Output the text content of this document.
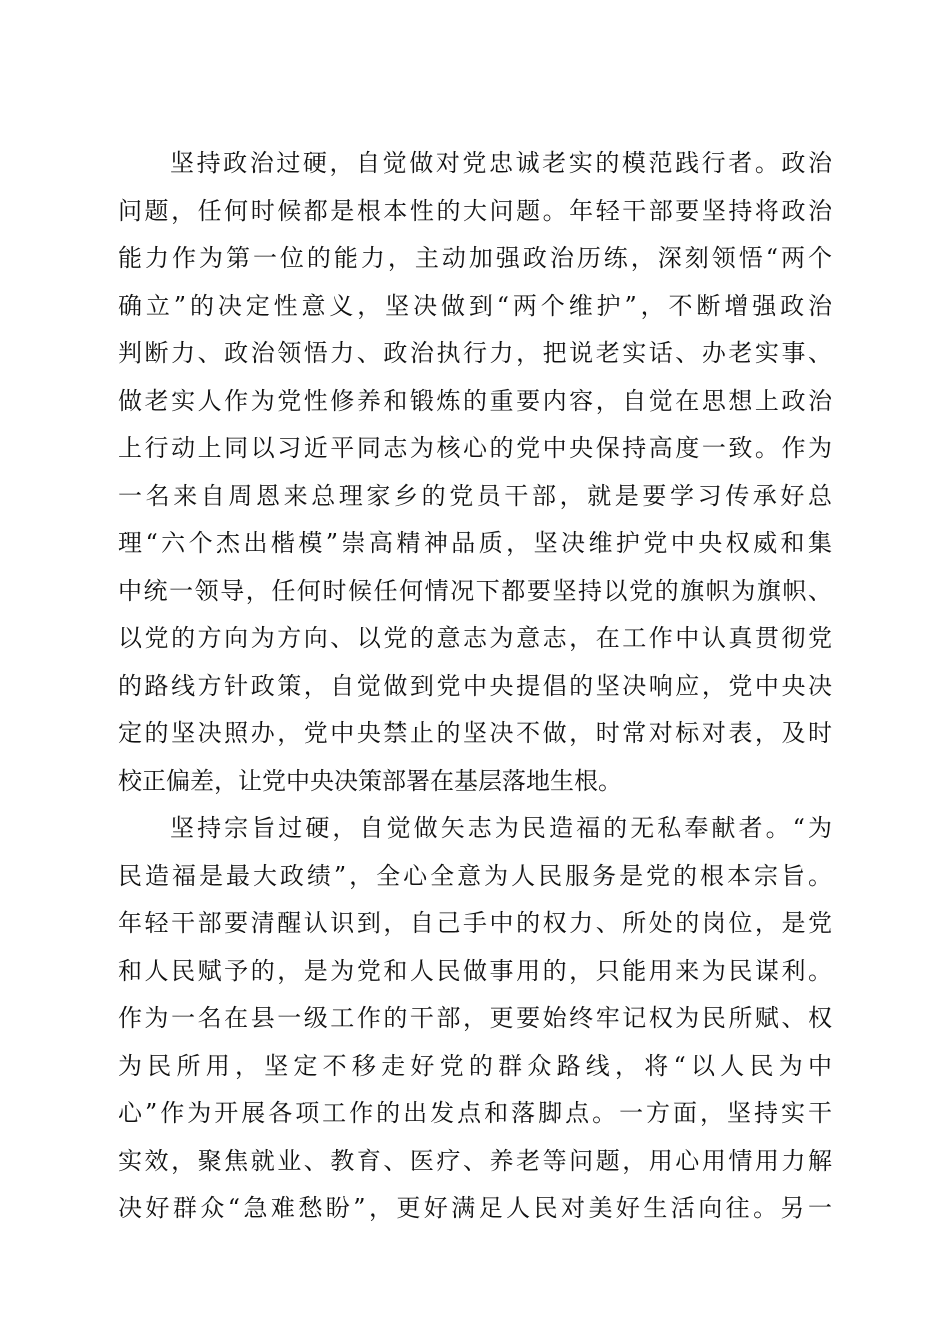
坚持政治过硬，自觉做对党忠诚老实的模范践行者。政治
问题，任何时候都是根本性的大问题。年轻干部要坚持将政治
能力作为第一位的能力，主动加强政治历练，深刻领悟“两个
确立”的决定性意义，坚决做到“两个维护”，不断增强政治
判断力、政治领悟力、政治执行力，把说老实话、办老实事、
做老实人作为党性修养和锻炼的重要内容，自觉在思想上政治
上行动上同以习近平同志为核心的党中央保持高度一致。作为
一名来自周恩来总理家乡的党员干部，就是要学习传承好总
理“六个杰出楷模”崇高精神品质，坚决维护党中央权威和集
中统一领导，任何时候任何情况下都要坚持以党的旗帜为旗帜、
以党的方向为方向、以党的意志为意志，在工作中认真贯彻党
的路线方针政策，自觉做到党中央提倡的坚决响应，党中央决
定的坚决照办，党中央禁止的坚决不做，时常对标对表，及时
校正偏差，让党中央决策部署在基层落地生根。
坚持宗旨过硬，自觉做矢志为民造福的无私奉献者。“为
民造福是最大政绩”，全心全意为人民服务是党的根本宗旨。
年轻干部要清醒认识到，自己手中的权力、所处的岗位，是党
和人民赋予的，是为党和人民做事用的，只能用来为民谋利。
作为一名在县一级工作的干部，更要始终牢记权为民所赋、权
为民所用，坚定不移走好党的群众路线，将“以人民为中
心”作为开展各项工作的出发点和落脚点。一方面，坚持实干
实效，聚焦就业、教育、医疗、养老等问题，用心用情用力解
决好群众“急难愁盼”，更好满足人民对美好生活向往。另一
